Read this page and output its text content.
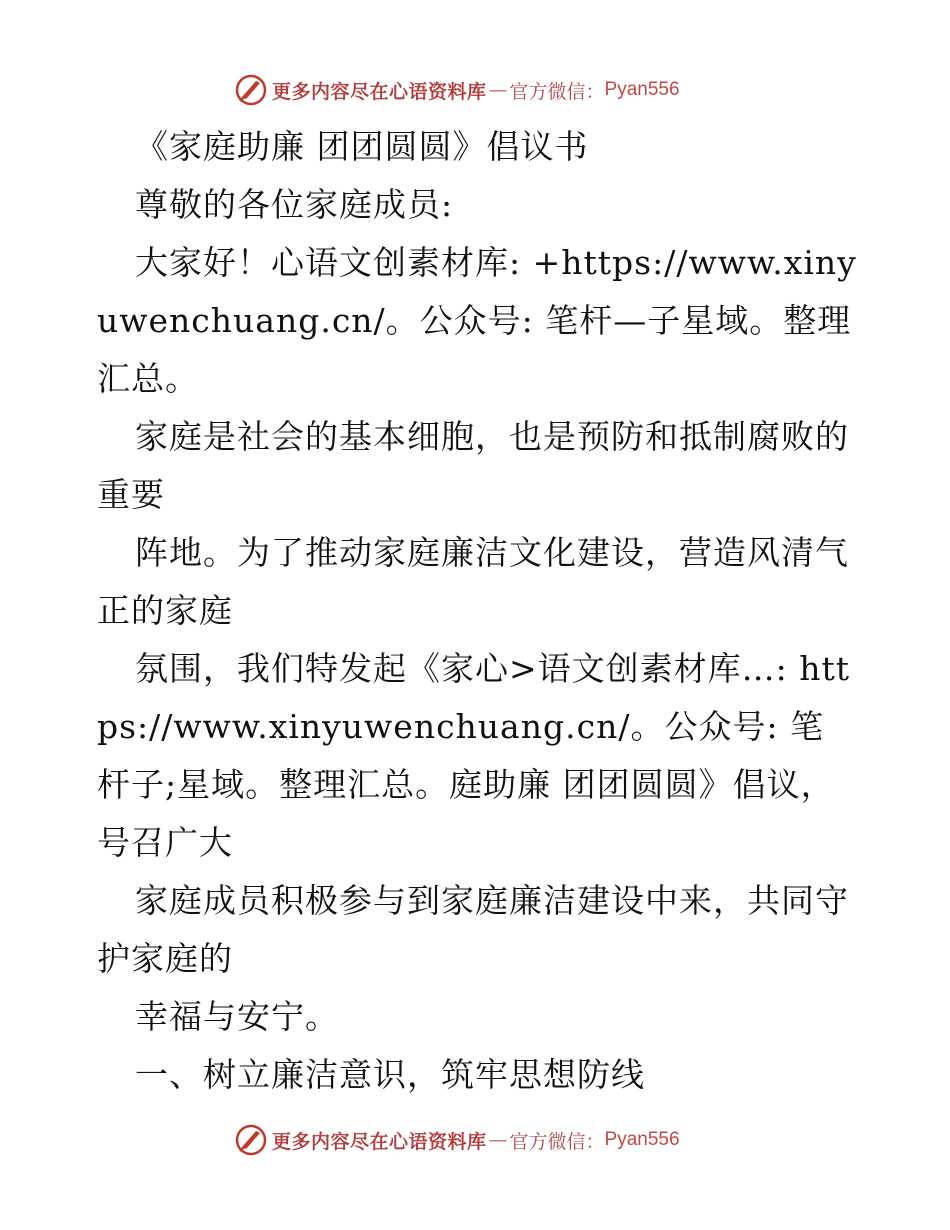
更多内容尽在心语资料库 — 官方微信： Pyan556

《家庭助廉 团团圆圆》倡议书

尊敬的各位家庭成员:

大家好！心语文创素材库: +https://www.xinyuwenchuang.cn/。公众号: 笔杆—子星域。整理汇总。

家庭是社会的基本细胞，也是预防和抵制腐败的重要

阵地。为了推动家庭廉洁文化建设，营造风清气正的家庭

氛围，我们特发起《家心>语文创素材库…: https://www.xinyuwenchuang.cn/。公众号: 笔杆子;星域。整理汇总。庭助廉 团团圆圆》倡议，号召广大

家庭成员积极参与到家庭廉洁建设中来，共同守护家庭的

幸福与安宁。

一、树立廉洁意识，筑牢思想防线

更多内容尽在心语资料库 — 官方微信： Pyan556
